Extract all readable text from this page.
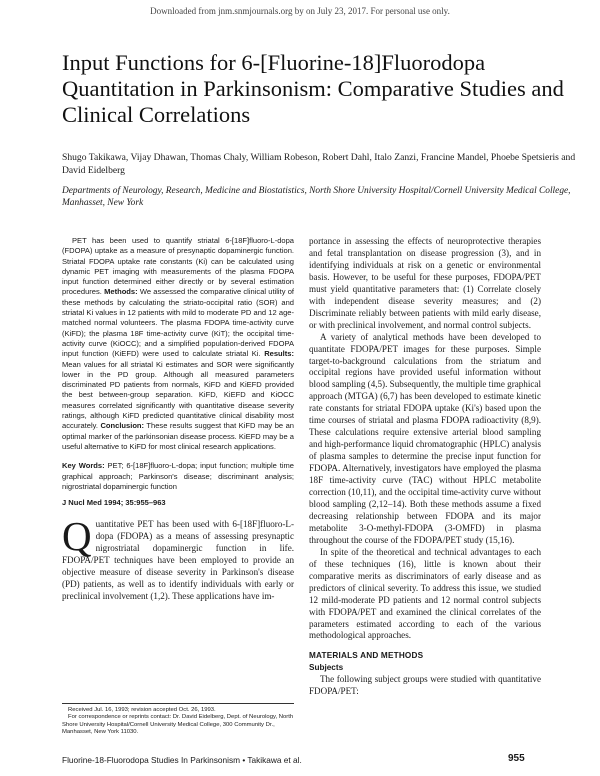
Downloaded from jnm.snmjournals.org by on July 23, 2017. For personal use only.
Input Functions for 6-[Fluorine-18]Fluorodopa Quantitation in Parkinsonism: Comparative Studies and Clinical Correlations
Shugo Takikawa, Vijay Dhawan, Thomas Chaly, William Robeson, Robert Dahl, Italo Zanzi, Francine Mandel, Phoebe Spetsieris and David Eidelberg
Departments of Neurology, Research, Medicine and Biostatistics, North Shore University Hospital/Cornell University Medical College, Manhasset, New York

PET has been used to quantify striatal 6-[18F]fluoro-L-dopa (FDOPA) uptake as a measure of presynaptic dopaminergic function. Striatal FDOPA uptake rate constants (Ki) can be calculated using dynamic PET imaging with measurements of the plasma FDOPA input function determined either directly or by several estimation procedures. Methods: We assessed the comparative clinical utility of these methods by calculating the striato-occipital ratio (SOR) and striatal Ki values in 12 patients with mild to moderate PD and 12 age-matched normal volunteers. The plasma FDOPA time-activity curve (KiFD); the plasma 18F time-activity curve (KiT); the occipital time-activity curve (KiOCC); and a simplified population-derived FDOPA input function (KiEFD) were used to calculate striatal Ki. Results: Mean values for all striatal Ki estimates and SOR were significantly lower in the PD group. Although all measured parameters discriminated PD patients from normals, KiFD and KiEFD provided the best between-group separation. KiFD, KiEFD and KiOCC measures correlated significantly with quantitative disease severity ratings, although KiFD predicted quantitative clinical disability most accurately. Conclusion: These results suggest that KiFD may be an optimal marker of the parkinsonian disease process. KiEFD may be a useful alternative to KiFD for most clinical research applications.

Key Words: PET; 6-[18F]fluoro-L-dopa; input function; multiple time graphical approach; Parkinson's disease; discriminant analysis; nigrostriatal dopaminergic function
J Nucl Med 1994; 35:955–963
Q uantitative PET has been used with 6-[18F]fluoro-L-dopa (FDOPA) as a means of assessing presynaptic nigrostriatal dopaminergic function in life. FDOPA/PET techniques have been employed to provide an objective measure of disease severity in Parkinson's disease (PD) patients, as well as to identify individuals with early or preclinical involvement (1,2). These applications have im-

Received Jul. 16, 1993; revision accepted Oct. 26, 1993.

For correspondence or reprints contact: Dr. David Eidelberg, Dept. of Neurology, North Shore University Hospital/Cornell University Medical College, 300 Community Dr., Manhasset, New York 11030.

portance in assessing the effects of neuroprotective therapies and fetal transplantation on disease progression (3), and in identifying individuals at risk on a genetic or environmental basis. However, to be useful for these purposes, FDOPA/PET must yield quantitative parameters that: (1) Correlate closely with independent disease severity measures; and (2) Discriminate reliably between patients with mild early disease, or with preclinical involvement, and normal control subjects.

A variety of analytical methods have been developed to quantitate FDOPA/PET images for these purposes. Simple target-to-background calculations from the striatum and occipital regions have provided useful information without blood sampling (4,5). Subsequently, the multiple time graphical approach (MTGA) (6,7) has been developed to estimate kinetic rate constants for striatal FDOPA uptake (Ki's) based upon the time courses of striatal and plasma FDOPA radioactivity (8,9). These calculations require extensive arterial blood sampling and high-performance liquid chromatographic (HPLC) analysis of plasma samples to determine the precise input function for FDOPA. Alternatively, investigators have employed the plasma 18F time-activity curve (TAC) without HPLC metabolite correction (10,11), and the occipital time-activity curve without blood sampling (2,12–14). Both these methods assume a fixed decreasing relationship between FDOPA and its major metabolite 3-O-methyl-FDOPA (3-OMFD) in plasma throughout the course of the FDOPA/PET study (15,16).

In spite of the theoretical and technical advantages to each of these techniques (16), little is known about their comparative merits as discriminators of early disease and as predictors of clinical severity. To address this issue, we studied 12 mild-moderate PD patients and 12 normal control subjects with FDOPA/PET and examined the clinical correlates of the parameters estimated according to each of the various methodological approaches.

MATERIALS AND METHODS
Subjects

The following subject groups were studied with quantitative FDOPA/PET:

Fluorine-18-Fluorodopa Studies In Parkinsonism • Takikawa et al.	955
